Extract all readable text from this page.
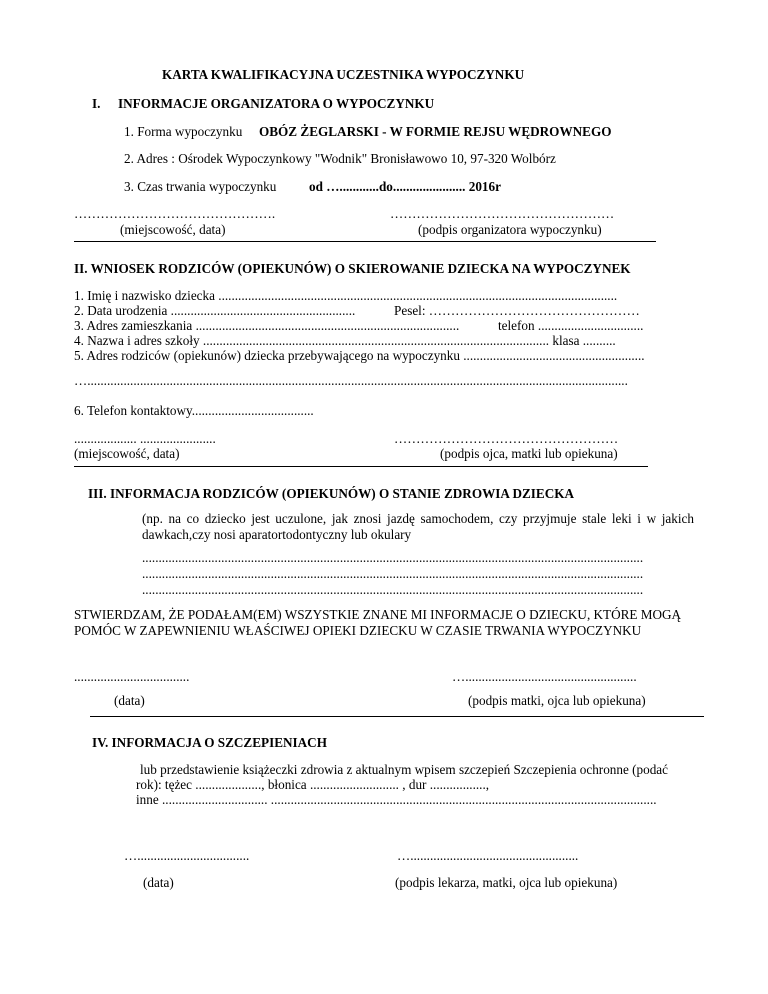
KARTA KWALIFIKACYJNA UCZESTNIKA WYPOCZYNKU
I. INFORMACJE ORGANIZATORA O WYPOCZYNKU
1. Forma wypoczynku OBÓZ ŻEGLARSKI - W FORMIE REJSU WĘDROWNEGO
2. Adres : Ośrodek Wypoczynkowy "Wodnik" Bronisławowo 10, 97-320 Wolbórz
3. Czas trwania wypoczynku od …............do...................... 2016r
……………………………………….	……………………………………………
(miejscowość, data)	(podpis organizatora wypoczynku)
II. WNIOSEK RODZICÓW (OPIEKUNÓW) O SKIEROWANIE DZIECKA NA WYPOCZYNEK
1. Imię i nazwisko dziecka .........................................................................................................................
2. Data urodzenia ........................................................	Pesel: …………………………………………
3. Adres zamieszkania ................................................................................	telefon ................................
4. Nazwa i adres szkoły ......................................................................................................... klasa ..........
5. Adres rodziców (opiekunów) dziecka przebywającego na wypoczynku .......................................................
…....................................................................................................................................................................
6. Telefon kontaktowy.....................................
................... .......................	……………………………………………
(miejscowość, data)	(podpis ojca, matki lub opiekuna)
III. INFORMACJA RODZICÓW (OPIEKUNÓW) O STANIE ZDROWIA DZIECKA
(np. na co dziecko jest uczulone, jak znosi jazdę samochodem, czy przyjmuje stale leki i w jakich dawkach,czy nosi aparatortodontyczny lub okulary
........................................................................................................................................................
........................................................................................................................................................
........................................................................................................................................................
STWIERDZAM, ŻE PODAŁAM(EM) WSZYSTKIE ZNANE MI INFORMACJE O DZIECKU, KTÓRE MOGĄ POMÓC W ZAPEWNIENIU WŁAŚCIWEJ OPIEKI DZIECKU W CZASIE TRWANIA WYPOCZYNKU
...................................	…....................................................
(data)	(podpis matki, ojca lub opiekuna)
IV. INFORMACJA O SZCZEPIENIACH
lub przedstawienie książeczki zdrowia z aktualnym wpisem szczepień Szczepienia ochronne (podać
rok): tężec ...................., błonica ........................... , dur .................,
inne ................................ .....................................................................................................................
…..................................	…...................................................
(data)	(podpis lekarza, matki, ojca lub opiekuna)
